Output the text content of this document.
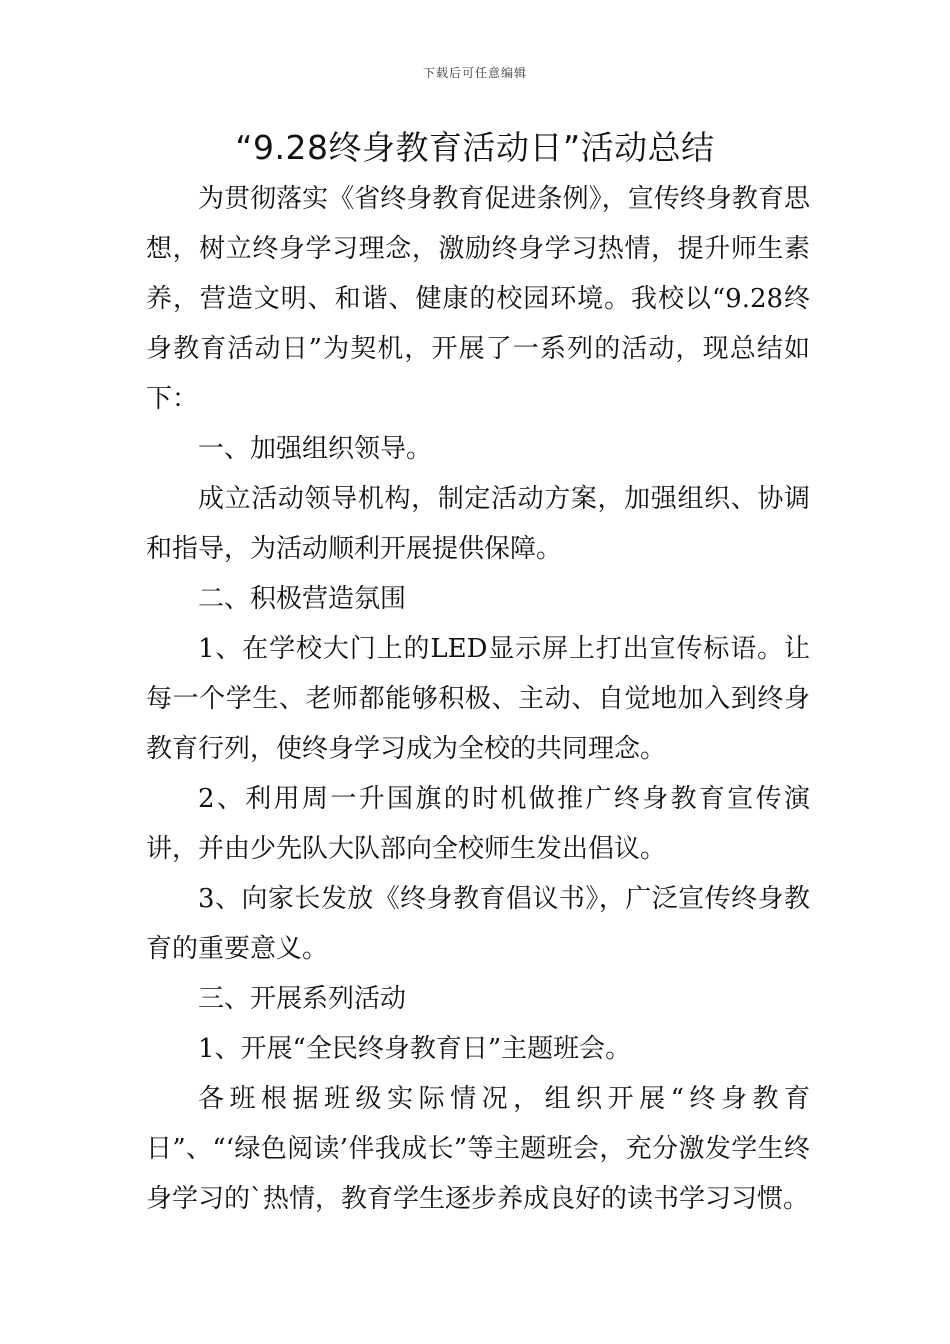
下载后可任意编辑
“9.28终身教育活动日”活动总结

为贯彻落实《省终身教育促进条例》，宣传终身教育思想，树立终身学习理念，激励终身学习热情，提升师生素养，营造文明、和谐、健康的校园环境。我校以“9.28终身教育活动日”为契机，开展了一系列的活动，现总结如下：

一、加强组织领导。

成立活动领导机构，制定活动方案，加强组织、协调和指导，为活动顺利开展提供保障。

二、积极营造氛围

1、在学校大门上的LED显示屏上打出宣传标语。让每一个学生、老师都能够积极、主动、自觉地加入到终身教育行列，使终身学习成为全校的共同理念。

2、利用周一升国旗的时机做推广终身教育宣传演讲，并由少先队大队部向全校师生发出倡议。

3、向家长发放《终身教育倡议书》，广泛宣传终身教育的重要意义。

三、开展系列活动

1、开展“全民终身教育日”主题班会。

各班根据班级实际情况，组织开展“终身教育日”、“‘绿色阅读’伴我成长”等主题班会，充分激发学生终身学习的`热情，教育学生逐步养成良好的读书学习习惯。
